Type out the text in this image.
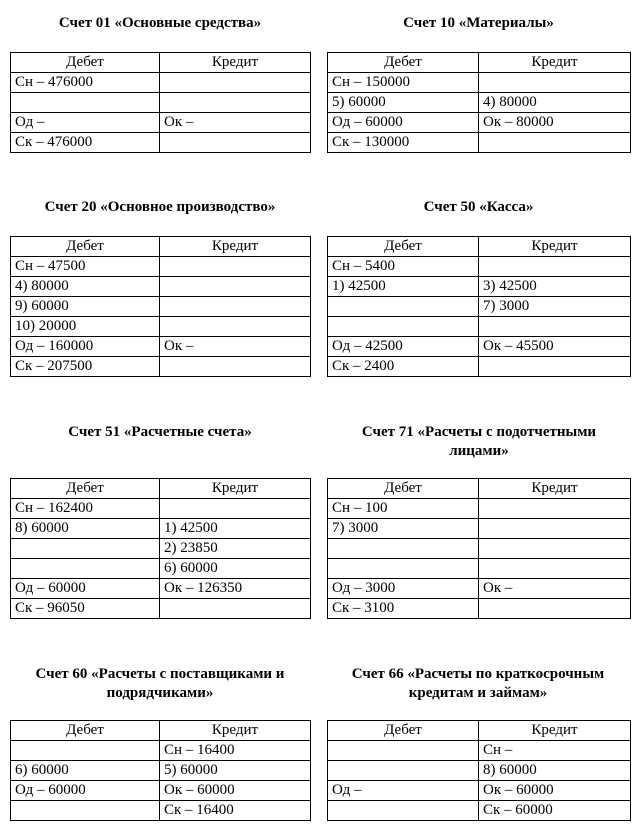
Счет 01 «Основные средства»
Дебет	Кредит
Сн – 476000	

Од –	Ок –
Ск – 476000	
Счет 10 «Материалы»
Дебет	Кредит
Сн – 150000	
5) 60000	4) 80000
Од – 60000	Ок – 80000
Ск – 130000	
Счет 20 «Основное производство»
Дебет	Кредит
Сн – 47500	
4) 80000	
9) 60000	
10) 20000	
Од – 160000	Ок –
Ск – 207500	
Счет 50 «Касса»
Дебет	Кредит
Сн – 5400	
1) 42500	3) 42500
	7) 3000

Од – 42500	Ок – 45500
Ск – 2400	
Счет 51 «Расчетные счета»
Дебет	Кредит
Сн – 162400	
8) 60000	1) 42500
	2) 23850
	6) 60000
Од – 60000	Ок – 126350
Ск – 96050	
Счет 71 «Расчеты с подотчетными лицами»
Дебет	Кредит
Сн – 100	
7) 3000	

Од – 3000	Ок –
Ск – 3100	
Счет 60 «Расчеты с поставщиками и подрядчиками»
Дебет	Кредит
	Сн – 16400
6) 60000	5) 60000
Од – 60000	Ок – 60000
	Ск – 16400
Счет 66 «Расчеты по краткосрочным кредитам и займам»
Дебет	Кредит
	Сн –
	8) 60000
Од –	Ок – 60000
	Ск – 60000
